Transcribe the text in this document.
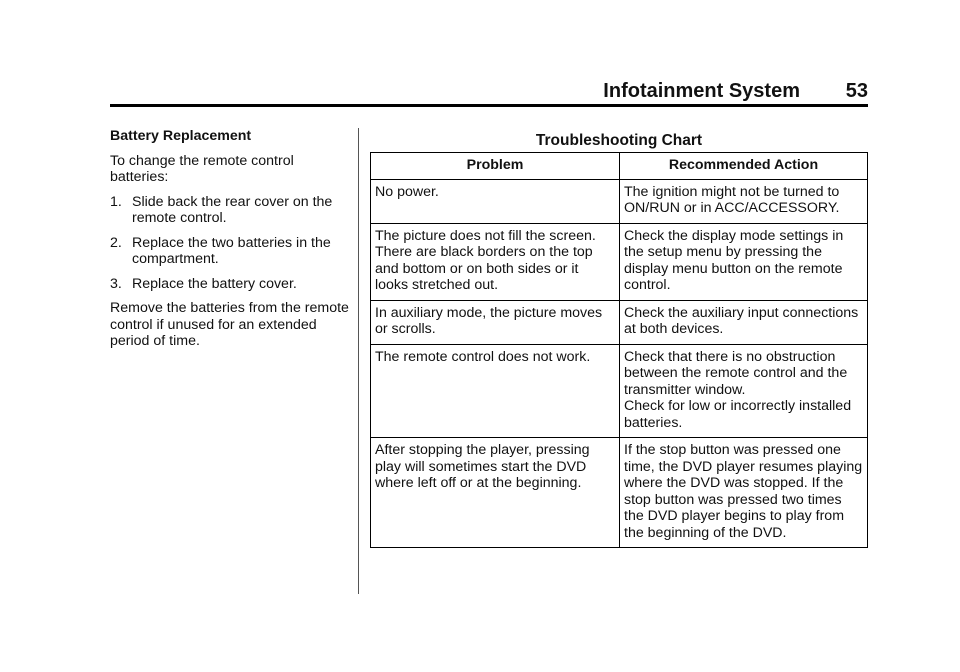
Infotainment System 53

Battery Replacement

To change the remote control batteries:

1. Slide back the rear cover on the remote control.
2. Replace the two batteries in the compartment.
3. Replace the battery cover.

Remove the batteries from the remote control if unused for an extended period of time.

Troubleshooting Chart
Problem	Recommended Action
No power.	The ignition might not be turned to ON/RUN or in ACC/ACCESSORY.

The picture does not fill the screen. There are black borders on the top and bottom or on both sides or it looks stretched out.	Check the display mode settings in the setup menu by pressing the display menu button on the remote control.

In auxiliary mode, the picture moves or scrolls.	Check the auxiliary input connections at both devices.

The remote control does not work.	Check that there is no obstruction between the remote control and the transmitter window.
Check for low or incorrectly installed batteries.

After stopping the player, pressing play will sometimes start the DVD where left off or at the beginning.	If the stop button was pressed one time, the DVD player resumes playing where the DVD was stopped. If the stop button was pressed two times the DVD player begins to play from the beginning of the DVD.
